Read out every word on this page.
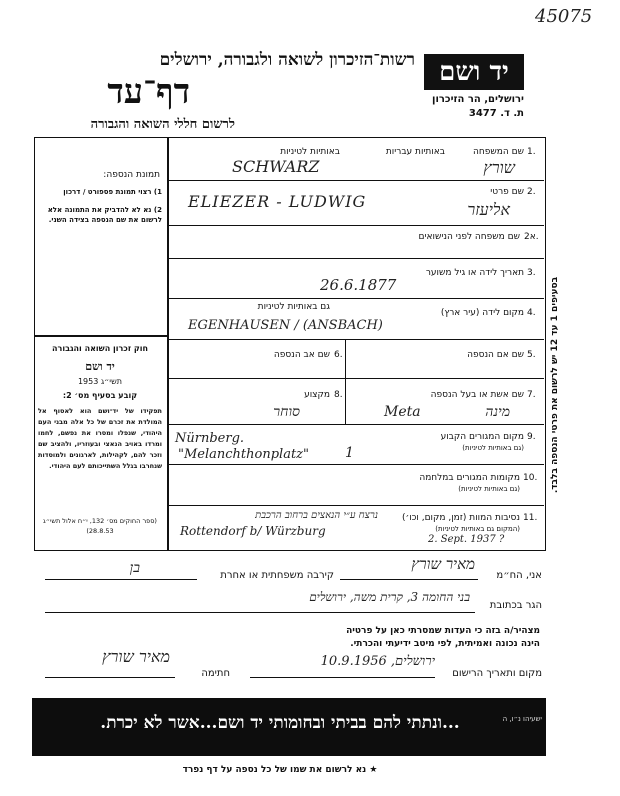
45075
יד ושם
ירושלים, הר הזיכרון
ת. ד. 3477
רשות־הזיכרון לשואה ולגבורה, ירושלים
דף־עד
לרשום חללי השואה והגבורה
בסעיפים 1 עד 12 יש לרשום את פרטי הנספה בלבד.
תמונת הנספה:
1) רצוי תמונת פספורט / דרכון
2) נא לא להדביק את התמונה אלא לרשום את שם הנספה בצידה השני.
חוק זכרון השואה והגבורה
יד ושם
תשי״ג 1953
קובע בסעיף מס׳ 2:
תפקידו של יד־ושם הוא לאסוף אל המולדת את זכרם של כל אלה מבני העם היהודי, שנפלו ומסרו את נפשם, לחמו ומרדו באויב הנאצי ובעוזריו, ולהציב שם וזכר להם, לקהילות, לארגונים ולמוסדות שנחרבו בגלל השתייכותם לעם היהודי.
(ספר החוקים מס׳ 132, י״ח אלול תשי״ג 28.8.53)
1.
שם המשפחה
באותיות עבריות
באותיות לטיניות
שורץ
SCHWARZ
2.
שם פרטי
ELIEZER - LUDWIG	אליעזר
2א.
שם משפחה לפני הנישואים
3.
תאריך לידה או גיל משוער
26.6.1877
4.
מקום לידה (עיר ארץ)
גם באותיות לטיניות
EGENHAUSEN / (ANSBACH)
5.
שם אם הנספה
6.
שם אב הנספה
7.
שם אשת או בעל הנספה
Meta	מינה
8.
מקצוע
סוחר
9.
מקום המגורים הקבוע
(גם באותיות לטיניות)
Nürnberg.
"Melanchthonplatz"	1
10.
מקומות המגורים במלחמה
(גם באותיות לטיניות)
11.
נסיבות המוות (זמן, מקום, וכו׳)
(המקום גם באותיות לטיניות)
נרצח ע״י הנאצים ברחוב הרכבת
Rottendorf b/ Würzburg
2. Sept. 1937 ?
אני, הח״מ
מאיר שורץ
קירבה משפחתית או אחרת
בן
הגר בכתובת
בני החומה 3, קרית משה, ירושלים
מצהיר/ה בזה כי העדות שמסרתי כאן על פרטיה
הינה נכונה ואמיתית, לפי מיטב ידיעתי והכרתי.
מקום ותאריך הרישום
ירושלים, 10.9.1956
חתימה
מאיר שורץ
...ונתתי להם בביתי ובחומותי יד ושם...אשר לא יכרת.	ישעיהו נ״ו, ה
★ נא לרשום את שמו של כל נספה על דף נפרד
